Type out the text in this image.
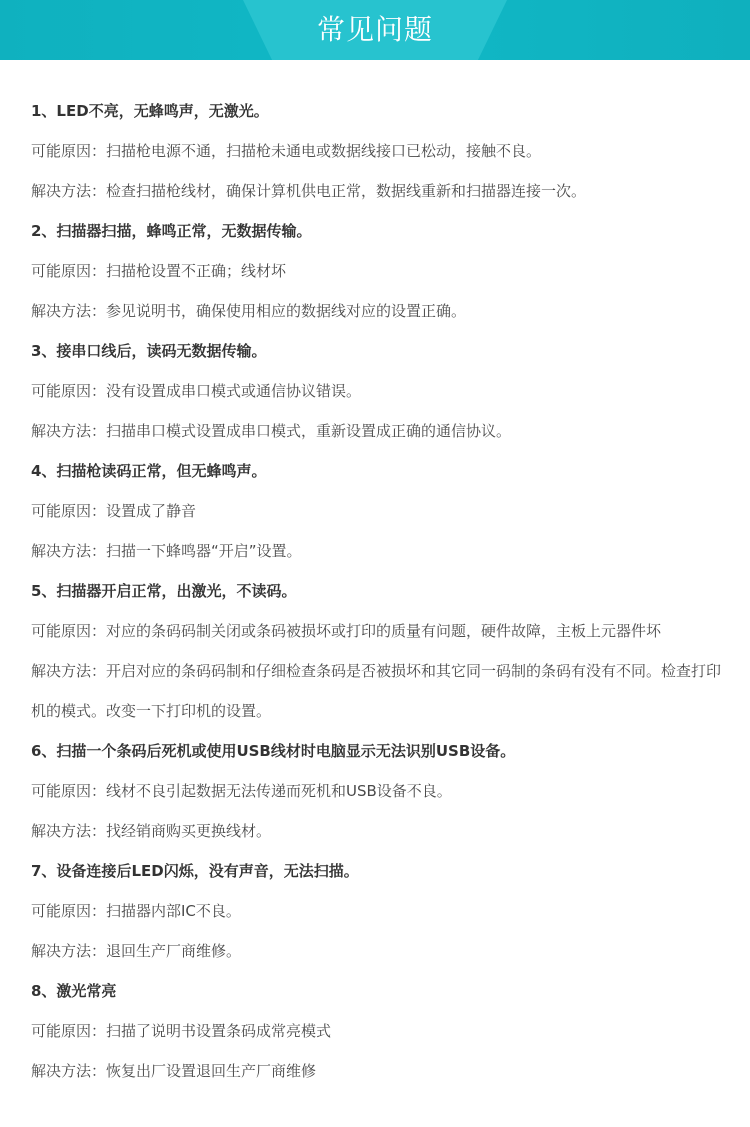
常见问题
1、LED不亮，无蜂鸣声，无激光。
可能原因：扫描枪电源不通，扫描枪未通电或数据线接口已松动，接触不良。
解决方法：检查扫描枪线材，确保计算机供电正常，数据线重新和扫描器连接一次。
2、扫描器扫描，蜂鸣正常，无数据传输。
可能原因：扫描枪设置不正确；线材坏
解决方法：参见说明书，确保使用相应的数据线对应的设置正确。
3、接串口线后，读码无数据传输。
可能原因：没有设置成串口模式或通信协议错误。
解决方法：扫描串口模式设置成串口模式，重新设置成正确的通信协议。
4、扫描枪读码正常，但无蜂鸣声。
可能原因：设置成了静音
解决方法：扫描一下蜂鸣器“开启”设置。
5、扫描器开启正常，出激光，不读码。
可能原因：对应的条码码制关闭或条码被损坏或打印的质量有问题，硬件故障，主板上元器件坏
解决方法：开启对应的条码码制和仔细检查条码是否被损坏和其它同一码制的条码有没有不同。检查打印机的模式。改变一下打印机的设置。
6、扫描一个条码后死机或使用USB线材时电脑显示无法识别USB设备。
可能原因：线材不良引起数据无法传递而死机和USB设备不良。
解决方法：找经销商购买更换线材。
7、设备连接后LED闪烁，没有声音，无法扫描。
可能原因：扫描器内部IC不良。
解决方法：退回生产厂商维修。
8、激光常亮
可能原因：扫描了说明书设置条码成常亮模式
解决方法：恢复出厂设置退回生产厂商维修
